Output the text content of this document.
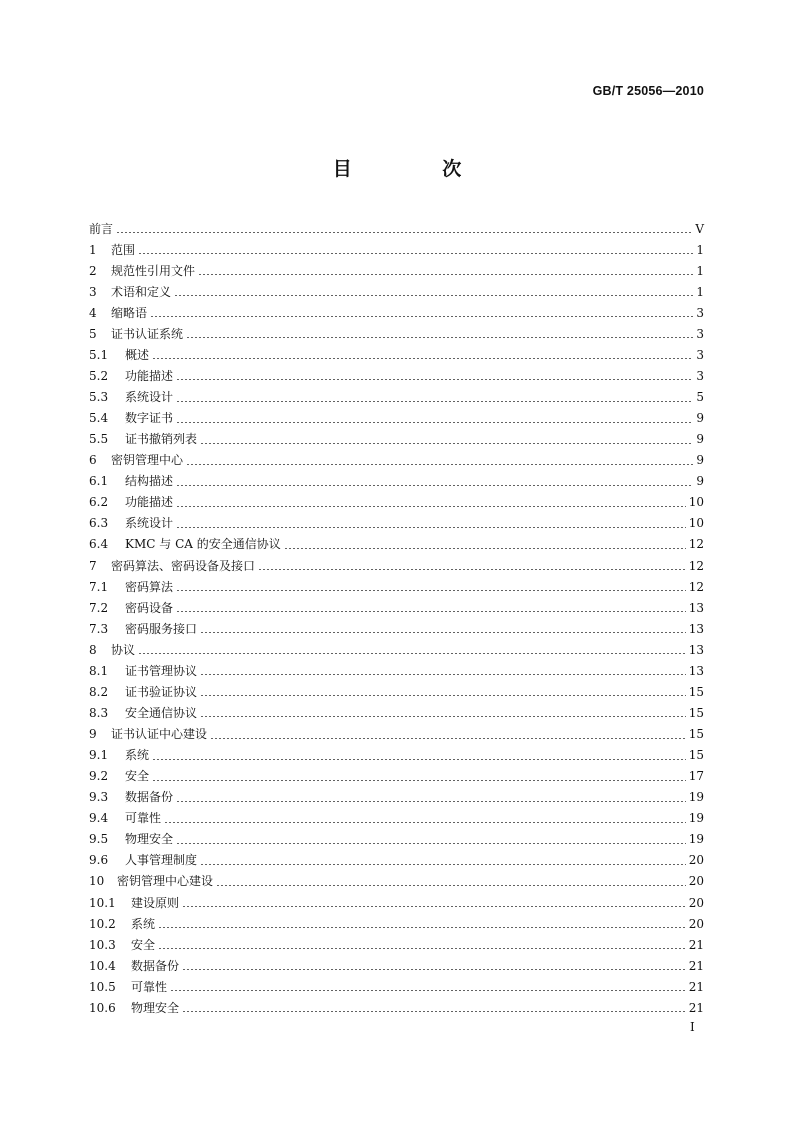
GB/T 25056—2010
目 次
前言	V
1	范围	1
2	规范性引用文件	1
3	术语和定义	1
4	缩略语	3
5	证书认证系统	3
5.1	概述	3
5.2	功能描述	3
5.3	系统设计	5
5.4	数字证书	9
5.5	证书撤销列表	9
6	密钥管理中心	9
6.1	结构描述	9
6.2	功能描述	10
6.3	系统设计	10
6.4	KMC 与 CA 的安全通信协议	12
7	密码算法、密码设备及接口	12
7.1	密码算法	12
7.2	密码设备	13
7.3	密码服务接口	13
8	协议	13
8.1	证书管理协议	13
8.2	证书验证协议	15
8.3	安全通信协议	15
9	证书认证中心建设	15
9.1	系统	15
9.2	安全	17
9.3	数据备份	19
9.4	可靠性	19
9.5	物理安全	19
9.6	人事管理制度	20
10	密钥管理中心建设	20
10.1	建设原则	20
10.2	系统	20
10.3	安全	21
10.4	数据备份	21
10.5	可靠性	21
10.6	物理安全	21
I
